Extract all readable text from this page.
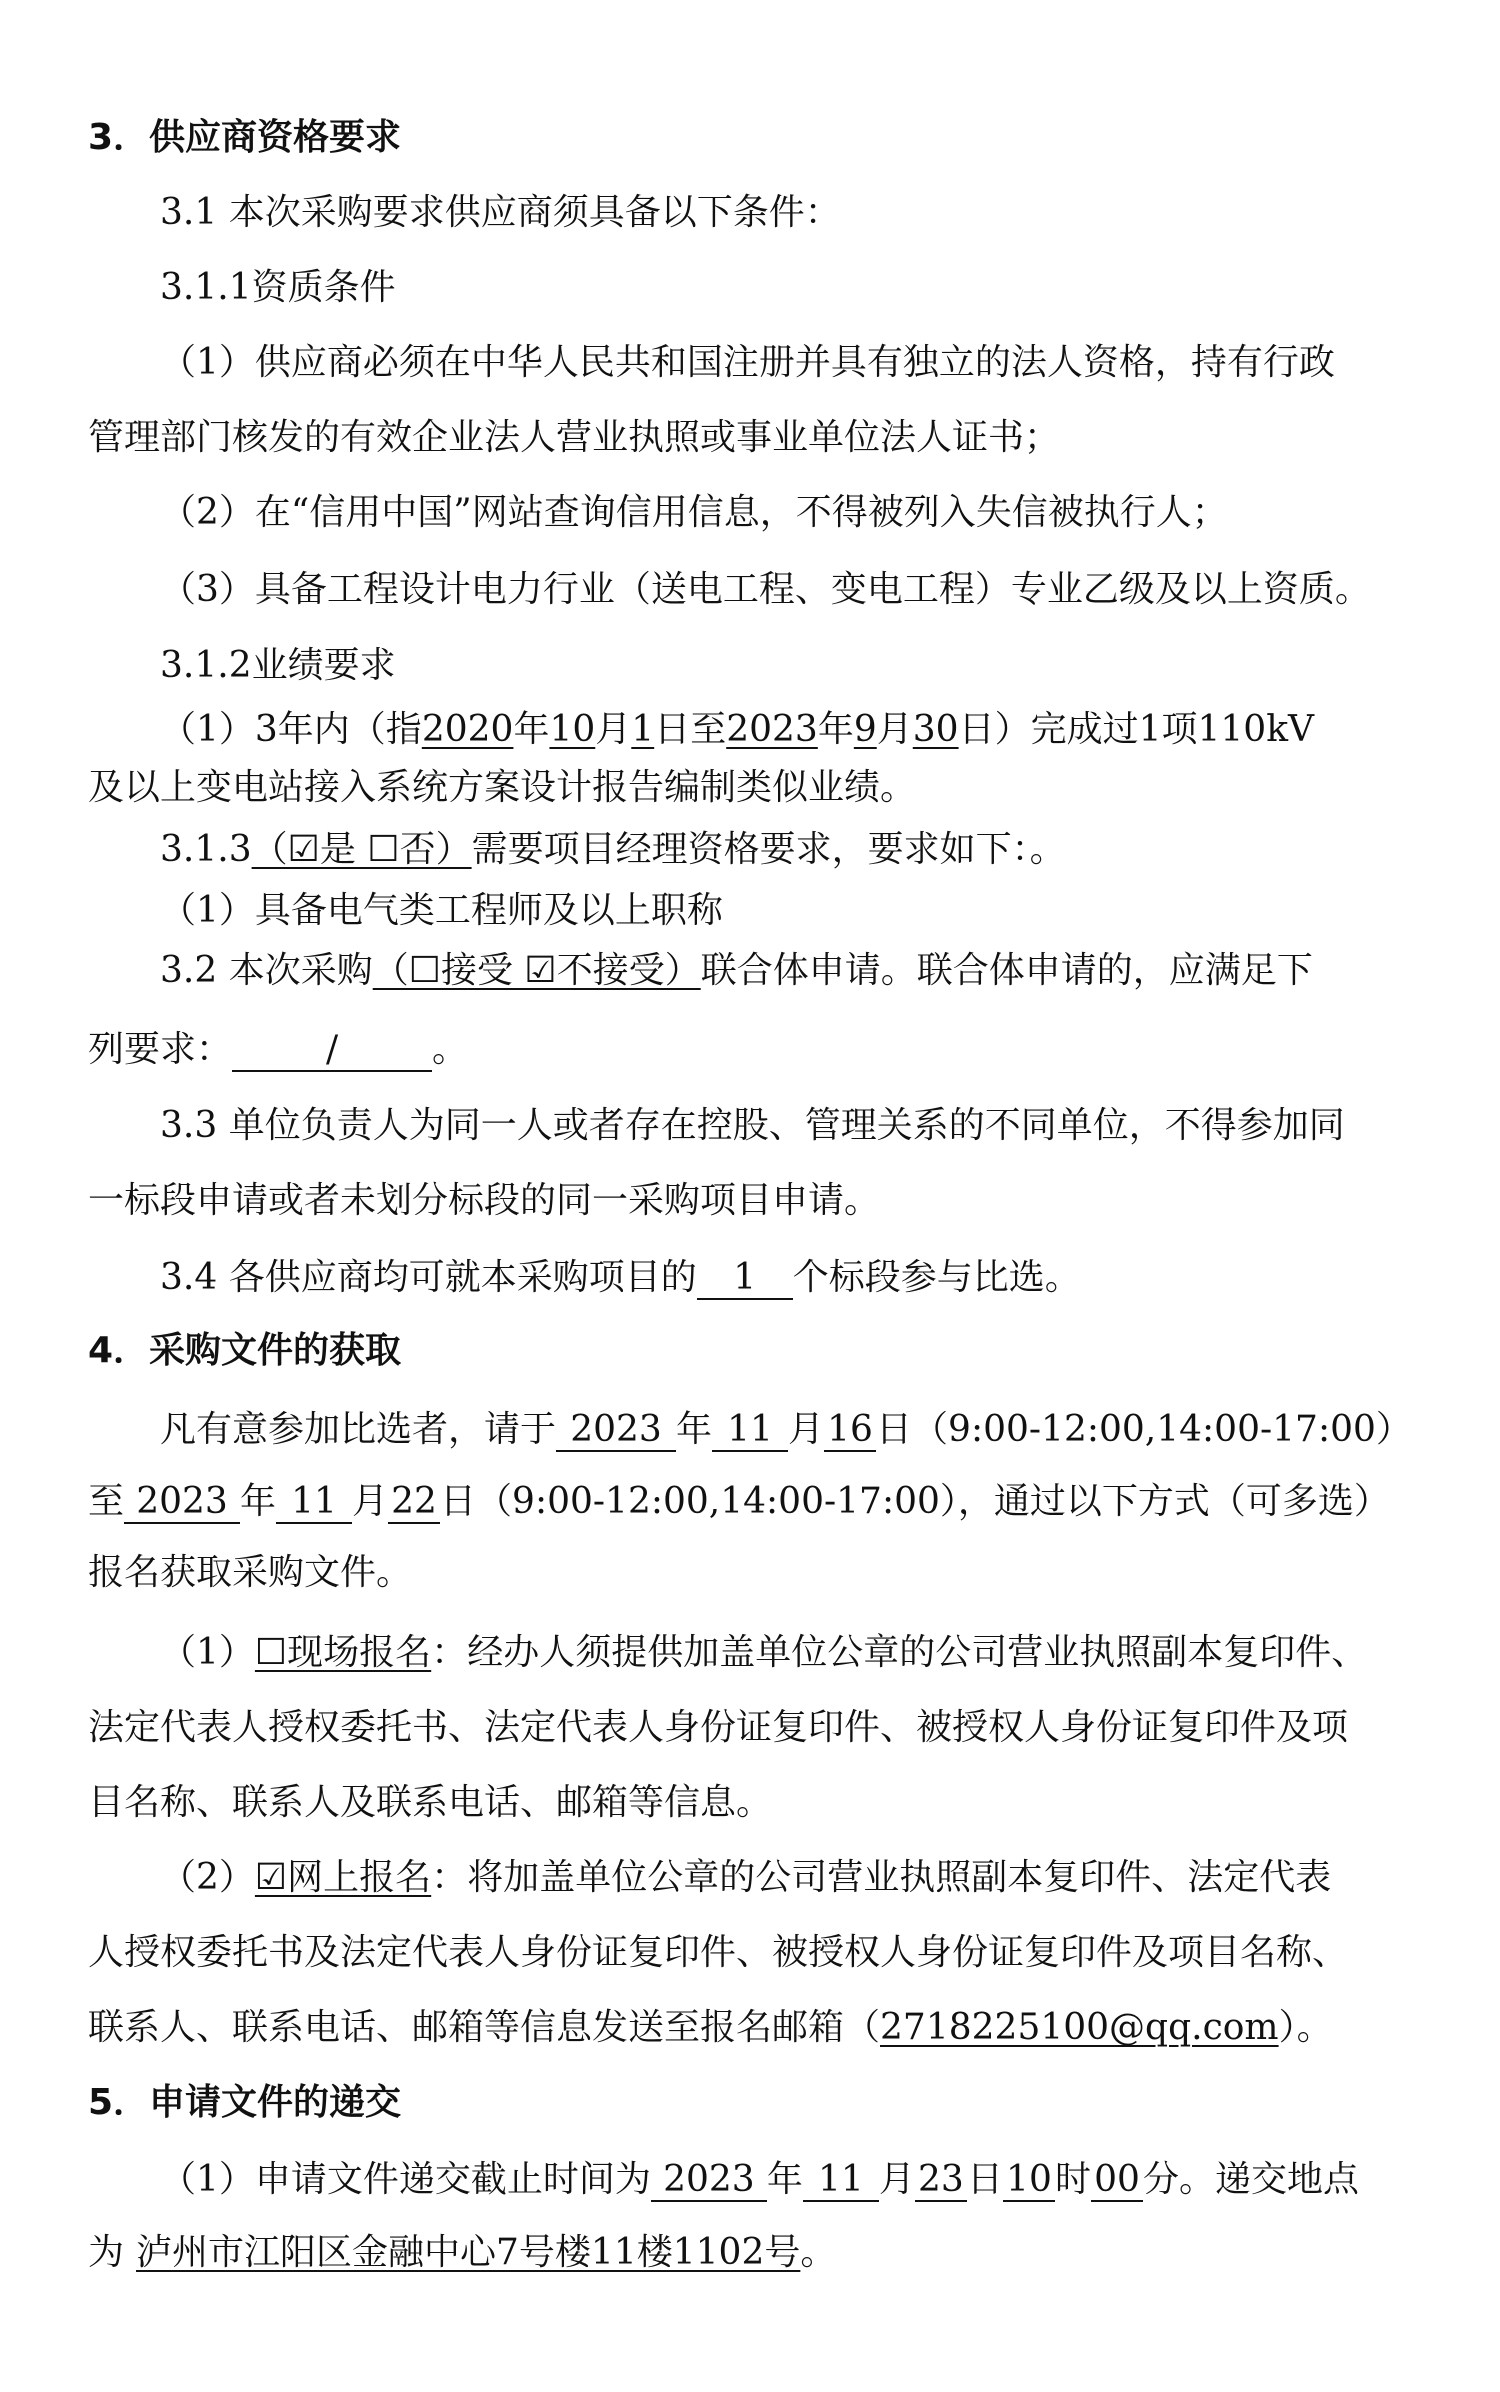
3．供应商资格要求
3.1 本次采购要求供应商须具备以下条件：
3.1.1资质条件
（1）供应商必须在中华人民共和国注册并具有独立的法人资格，持有行政
管理部门核发的有效企业法人营业执照或事业单位法人证书；
（2）在“信用中国”网站查询信用信息，不得被列入失信被执行人；
（3）具备工程设计电力行业（送电工程、变电工程）专业乙级及以上资质。
3.1.2业绩要求
（1）3年内（指2020年10月1日至2023年9月30日）完成过1项110kV
及以上变电站接入系统方案设计报告编制类似业绩。
3.1.3（☑是 ☐否）需要项目经理资格要求，要求如下：。
（1）具备电气类工程师及以上职称
3.2 本次采购（☐接受 ☑不接受）联合体申请。联合体申请的，应满足下
列要求：	/	。
3.3 单位负责人为同一人或者存在控股、管理关系的不同单位，不得参加同
一标段申请或者未划分标段的同一采购项目申请。
3.4 各供应商均可就本采购项目的 1 个标段参与比选。
4．采购文件的获取
凡有意参加比选者，请于 2023 年 11 月16日（9:00-12:00,14:00-17:00）
至 2023 年 11 月22日（9:00-12:00,14:00-17:00），通过以下方式（可多选）
报名获取采购文件。
（1）☐现场报名：经办人须提供加盖单位公章的公司营业执照副本复印件、
法定代表人授权委托书、法定代表人身份证复印件、被授权人身份证复印件及项
目名称、联系人及联系电话、邮箱等信息。
（2）☑网上报名：将加盖单位公章的公司营业执照副本复印件、法定代表
人授权委托书及法定代表人身份证复印件、被授权人身份证复印件及项目名称、
联系人、联系电话、邮箱等信息发送至报名邮箱（2718225100@qq.com）。
5．申请文件的递交
（1）申请文件递交截止时间为 2023 年 11 月23日10时00分。递交地点
为 泸州市江阳区金融中心7号楼11楼1102号。
